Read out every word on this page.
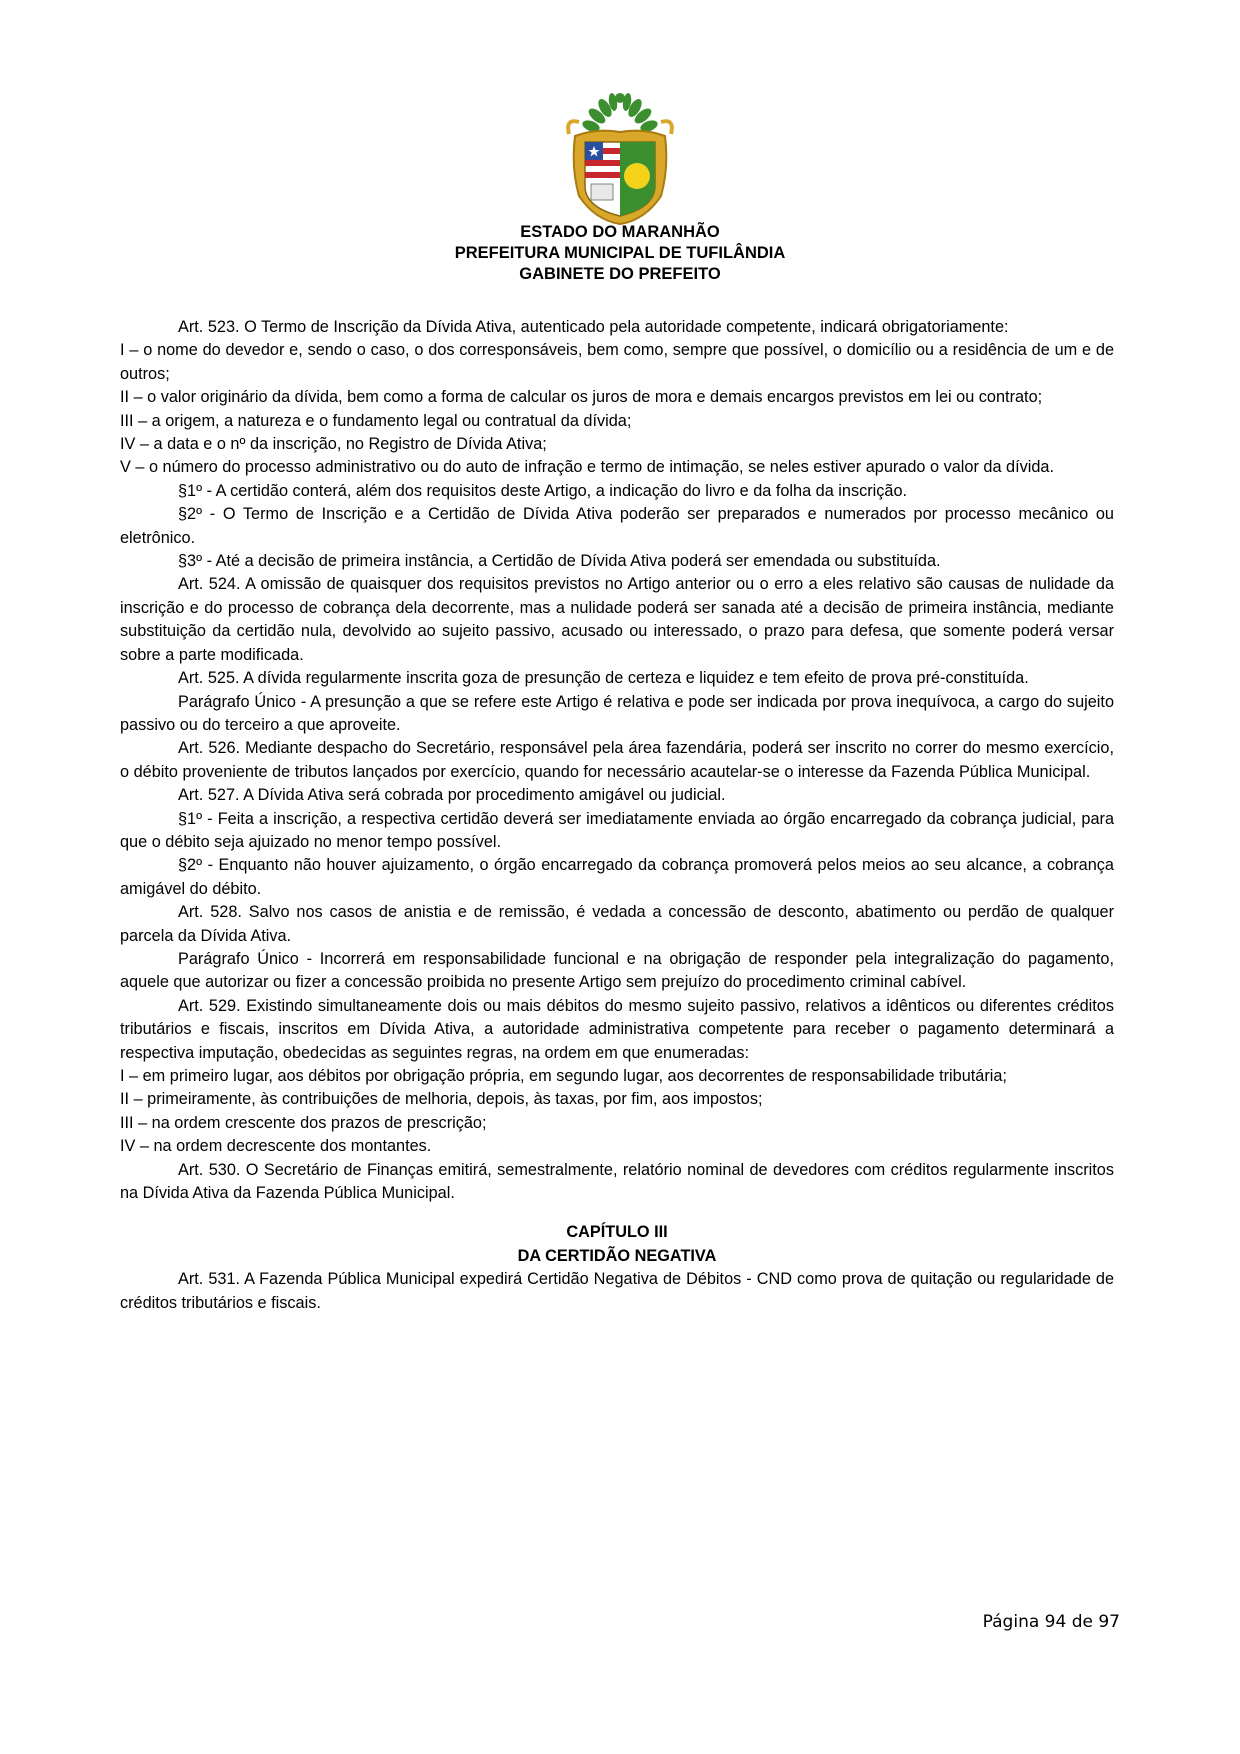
ESTADO DO MARANHÃO
PREFEITURA MUNICIPAL DE TUFILÂNDIA
GABINETE DO PREFEITO

Art. 523. O Termo de Inscrição da Dívida Ativa, autenticado pela autoridade competente, indicará obrigatoriamente:

I – o nome do devedor e, sendo o caso, o dos corresponsáveis, bem como, sempre que possível, o domicílio ou a residência de um e de outros;

II – o valor originário da dívida, bem como a forma de calcular os juros de mora e demais encargos previstos em lei ou contrato;

III – a origem, a natureza e o fundamento legal ou contratual da dívida;

IV – a data e o nº da inscrição, no Registro de Dívida Ativa;

V – o número do processo administrativo ou do auto de infração e termo de intimação, se neles estiver apurado o valor da dívida.

§1º - A certidão conterá, além dos requisitos deste Artigo, a indicação do livro e da folha da inscrição.

§2º - O Termo de Inscrição e a Certidão de Dívida Ativa poderão ser preparados e numerados por processo mecânico ou eletrônico.

§3º - Até a decisão de primeira instância, a Certidão de Dívida Ativa poderá ser emendada ou substituída.

Art. 524. A omissão de quaisquer dos requisitos previstos no Artigo anterior ou o erro a eles relativo são causas de nulidade da inscrição e do processo de cobrança dela decorrente, mas a nulidade poderá ser sanada até a decisão de primeira instância, mediante substituição da certidão nula, devolvido ao sujeito passivo, acusado ou interessado, o prazo para defesa, que somente poderá versar sobre a parte modificada.

Art. 525. A dívida regularmente inscrita goza de presunção de certeza e liquidez e tem efeito de prova pré-constituída.

Parágrafo Único - A presunção a que se refere este Artigo é relativa e pode ser indicada por prova inequívoca, a cargo do sujeito passivo ou do terceiro a que aproveite.

Art. 526. Mediante despacho do Secretário, responsável pela área fazendária, poderá ser inscrito no correr do mesmo exercício, o débito proveniente de tributos lançados por exercício, quando for necessário acautelar-se o interesse da Fazenda Pública Municipal.

Art. 527. A Dívida Ativa será cobrada por procedimento amigável ou judicial.

§1º - Feita a inscrição, a respectiva certidão deverá ser imediatamente enviada ao órgão encarregado da cobrança judicial, para que o débito seja ajuizado no menor tempo possível.

§2º - Enquanto não houver ajuizamento, o órgão encarregado da cobrança promoverá pelos meios ao seu alcance, a cobrança amigável do débito.

Art. 528. Salvo nos casos de anistia e de remissão, é vedada a concessão de desconto, abatimento ou perdão de qualquer parcela da Dívida Ativa.

Parágrafo Único - Incorrerá em responsabilidade funcional e na obrigação de responder pela integralização do pagamento, aquele que autorizar ou fizer a concessão proibida no presente Artigo sem prejuízo do procedimento criminal cabível.

Art. 529. Existindo simultaneamente dois ou mais débitos do mesmo sujeito passivo, relativos a idênticos ou diferentes créditos tributários e fiscais, inscritos em Dívida Ativa, a autoridade administrativa competente para receber o pagamento determinará a respectiva imputação, obedecidas as seguintes regras, na ordem em que enumeradas:

I – em primeiro lugar, aos débitos por obrigação própria, em segundo lugar, aos decorrentes de responsabilidade tributária;

II – primeiramente, às contribuições de melhoria, depois, às taxas, por fim, aos impostos;

III – na ordem crescente dos prazos de prescrição;

IV – na ordem decrescente dos montantes.

Art. 530. O Secretário de Finanças emitirá, semestralmente, relatório nominal de devedores com créditos regularmente inscritos na Dívida Ativa da Fazenda Pública Municipal.

CAPÍTULO III

DA CERTIDÃO NEGATIVA

Art. 531. A Fazenda Pública Municipal expedirá Certidão Negativa de Débitos - CND como prova de quitação ou regularidade de créditos tributários e fiscais.

Página 94 de 97
